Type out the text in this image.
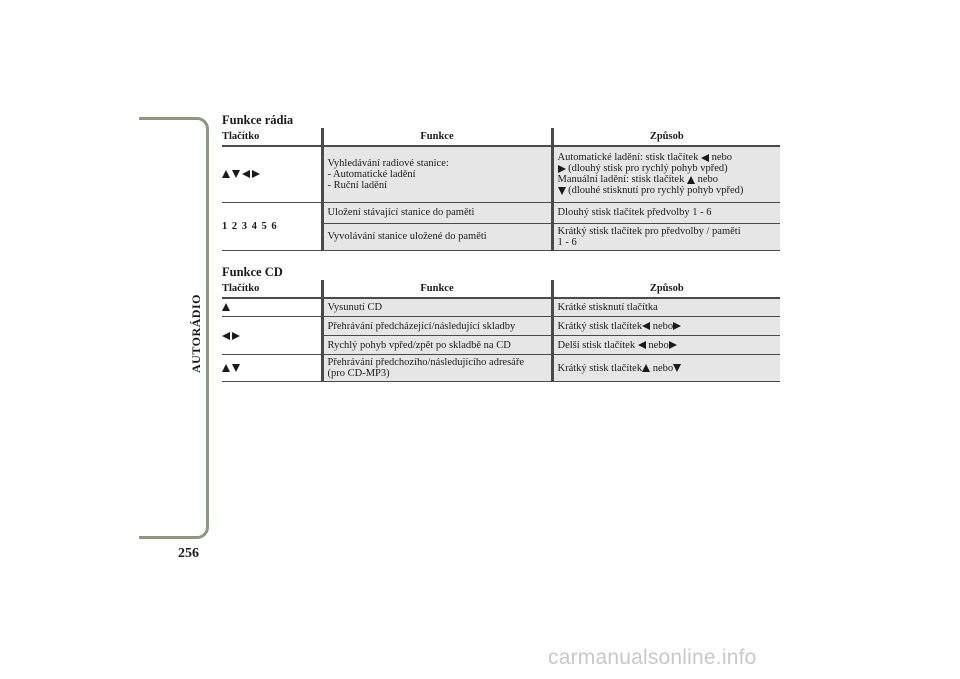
AUTORÁDIO
256
Funkce rádia
Tlačítko	Funkce	Způsob

	Vyhledávání radiové stanice:
- Automatické ladění
- Ruční ladění	Automatické ladění: stisk tlačítek nebo
(dlouhý stisk pro rychlý pohyb vpřed)
Manuální ladění: stisk tlačítek nebo
(dlouhé stisknutí pro rychlý pohyb vpřed)

1 2 3 4 5 6	Uložení stávající stanice do paměti	Dlouhý stisk tlačítek předvolby 1 - 6
	Vyvolávání stanice uložené do paměti	Krátký stisk tlačítek pro předvolby / paměti
1 - 6
Funkce CD
Tlačítko	Funkce	Způsob
	Vysunutí CD	Krátké stisknutí tlačítka
	Přehrávání předcházející/následující skladby	Krátký stisk tlačítek nebo
	Rychlý pohyb vpřed/zpět po skladbě na CD	Delší stisk tlačítek nebo

	Přehrávání předchozího/následujícího adresáře
(pro CD-MP3)	Krátký stisk tlačítek nebo
carmanualsonline.info
